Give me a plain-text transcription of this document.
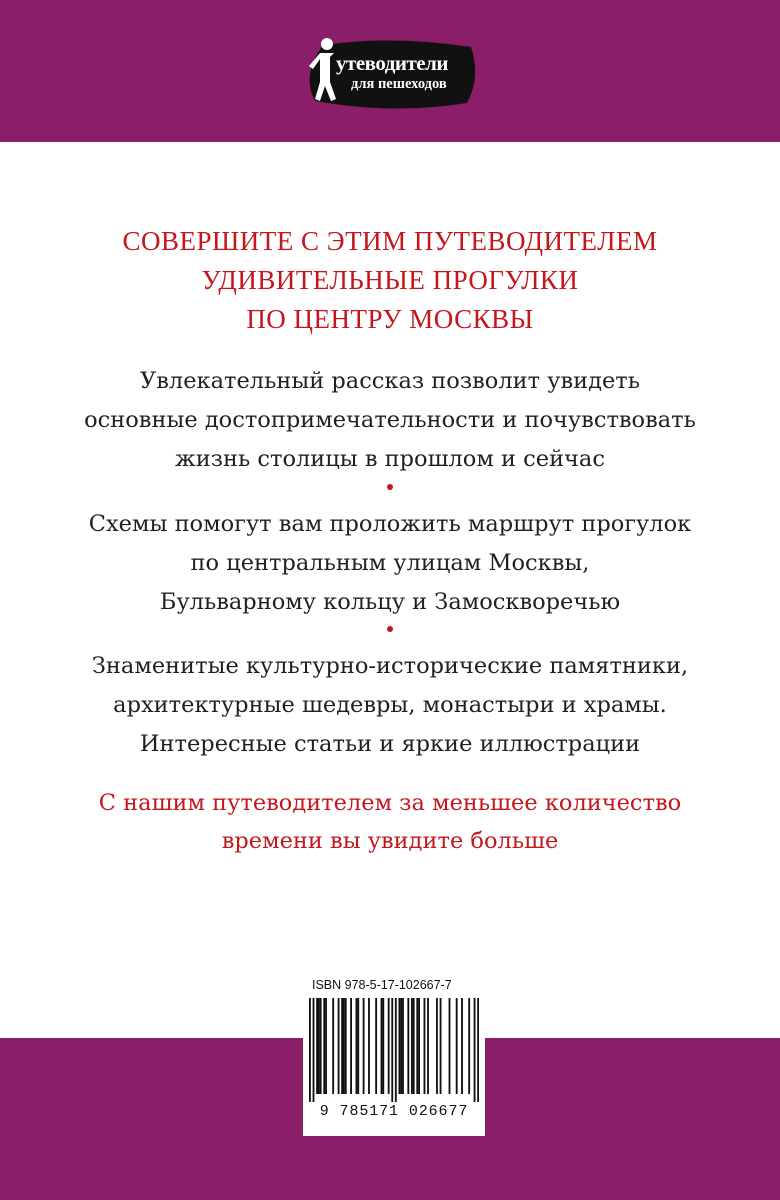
утеводители
для пешеходов
СОВЕРШИТЕ С ЭТИМ ПУТЕВОДИТЕЛЕМ
УДИВИТЕЛЬНЫЕ ПРОГУЛКИ
ПО ЦЕНТРУ МОСКВЫ
Увлекательный рассказ позволит увидеть
основные достопримечательности и почувствовать
жизнь столицы в прошлом и сейчас
Схемы помогут вам проложить маршрут прогулок
по центральным улицам Москвы,
Бульварному кольцу и Замоскворечью
Знаменитые культурно-исторические памятники,
архитектурные шедевры, монастыри и храмы.
Интересные статьи и яркие иллюстрации
С нашим путеводителем за меньшее количество
времени вы увидите больше
ISBN 978-5-17-102667-7
9 785171 026677
